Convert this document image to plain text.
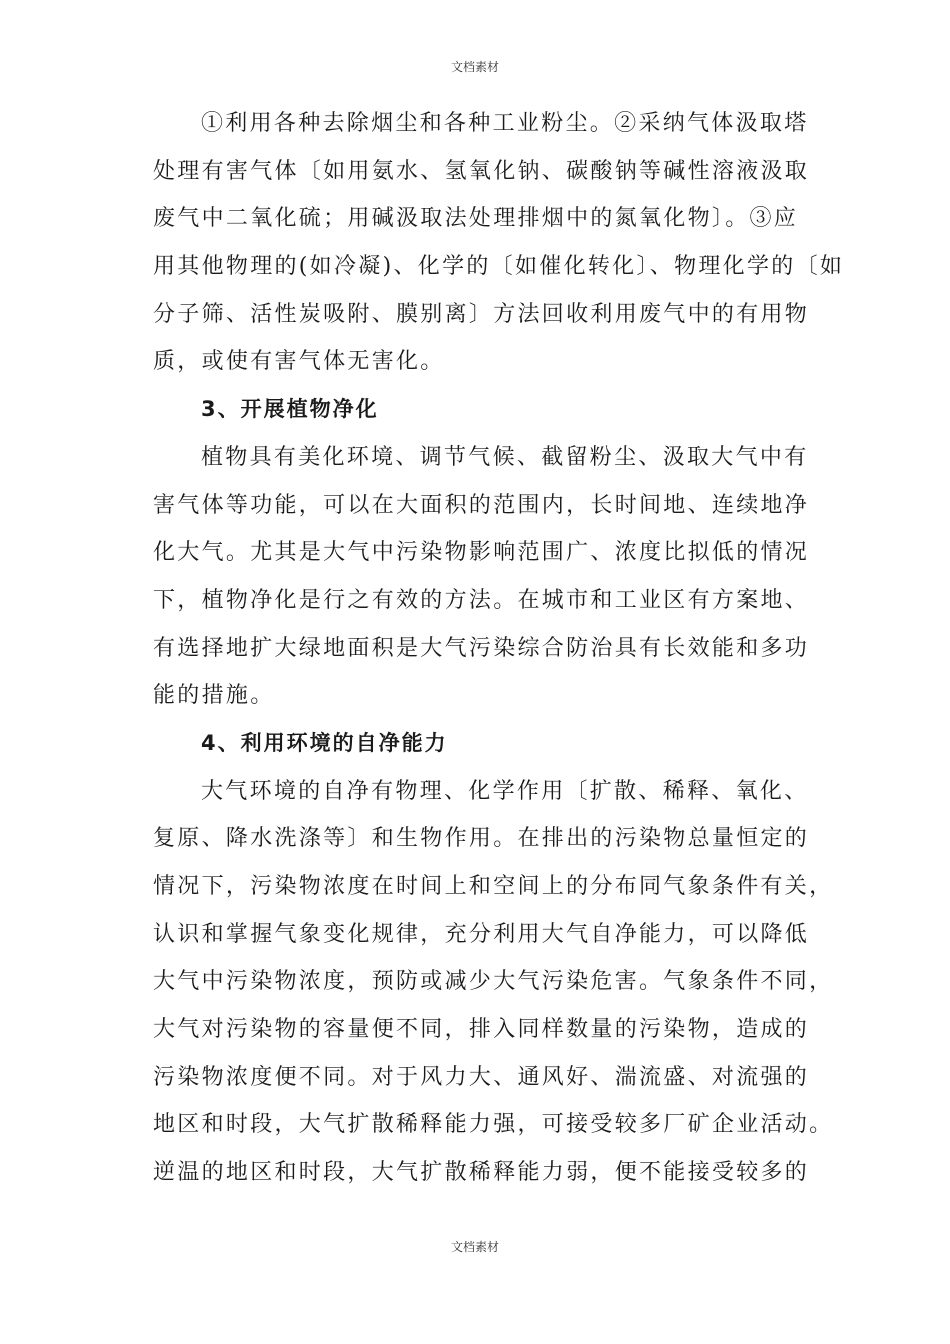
文档素材
①利用各种去除烟尘和各种工业粉尘。②采纳气体汲取塔
处理有害气体〔如用氨水、氢氧化钠、碳酸钠等碱性溶液汲取
废气中二氧化硫；用碱汲取法处理排烟中的氮氧化物〕。③应
用其他物理的(如冷凝)、化学的〔如催化转化〕、物理化学的〔如
分子筛、活性炭吸附、膜别离〕方法回收利用废气中的有用物
质，或使有害气体无害化。
3、开展植物净化
植物具有美化环境、调节气候、截留粉尘、汲取大气中有
害气体等功能，可以在大面积的范围内，长时间地、连续地净
化大气。尤其是大气中污染物影响范围广、浓度比拟低的情况
下，植物净化是行之有效的方法。在城市和工业区有方案地、
有选择地扩大绿地面积是大气污染综合防治具有长效能和多功
能的措施。
4、利用环境的自净能力
大气环境的自净有物理、化学作用〔扩散、稀释、氧化、
复原、降水洗涤等〕和生物作用。在排出的污染物总量恒定的
情况下，污染物浓度在时间上和空间上的分布同气象条件有关，
认识和掌握气象变化规律，充分利用大气自净能力，可以降低
大气中污染物浓度，预防或减少大气污染危害。气象条件不同，
大气对污染物的容量便不同，排入同样数量的污染物，造成的
污染物浓度便不同。对于风力大、通风好、湍流盛、对流强的
地区和时段，大气扩散稀释能力强，可接受较多厂矿企业活动。
逆温的地区和时段，大气扩散稀释能力弱，便不能接受较多的
文档素材
